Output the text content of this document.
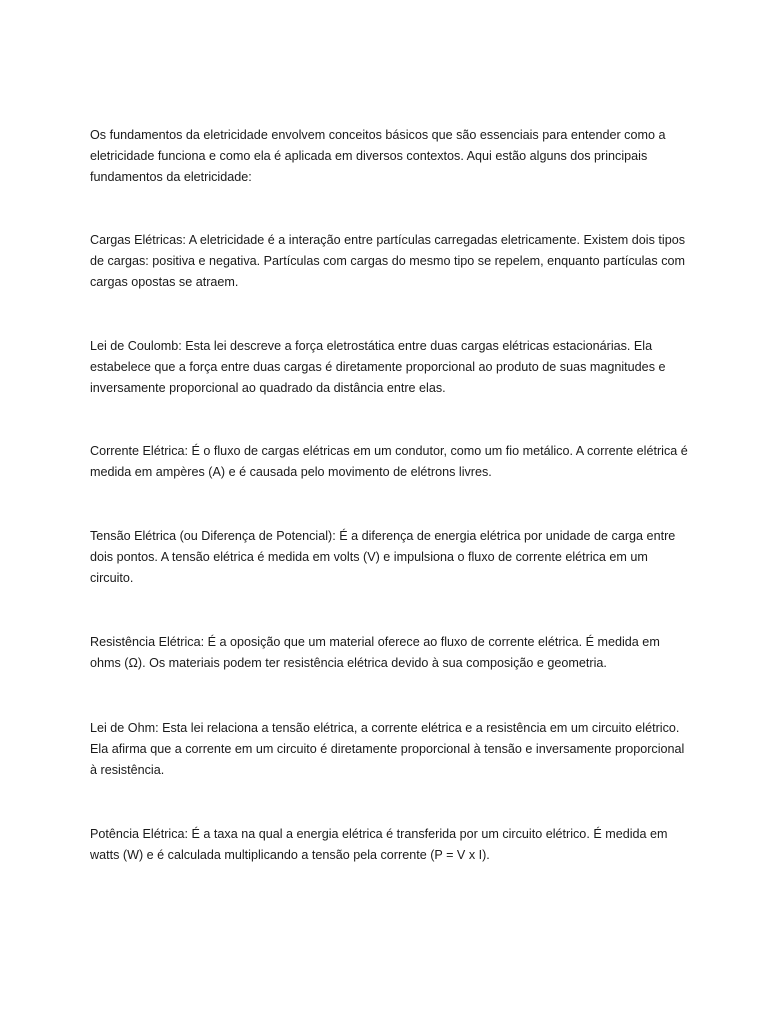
Os fundamentos da eletricidade envolvem conceitos básicos que são essenciais para entender como a eletricidade funciona e como ela é aplicada em diversos contextos. Aqui estão alguns dos principais fundamentos da eletricidade:

Cargas Elétricas: A eletricidade é a interação entre partículas carregadas eletricamente. Existem dois tipos de cargas: positiva e negativa. Partículas com cargas do mesmo tipo se repelem, enquanto partículas com cargas opostas se atraem.

Lei de Coulomb: Esta lei descreve a força eletrostática entre duas cargas elétricas estacionárias. Ela estabelece que a força entre duas cargas é diretamente proporcional ao produto de suas magnitudes e inversamente proporcional ao quadrado da distância entre elas.

Corrente Elétrica: É o fluxo de cargas elétricas em um condutor, como um fio metálico. A corrente elétrica é medida em ampères (A) e é causada pelo movimento de elétrons livres.

Tensão Elétrica (ou Diferença de Potencial): É a diferença de energia elétrica por unidade de carga entre dois pontos. A tensão elétrica é medida em volts (V) e impulsiona o fluxo de corrente elétrica em um circuito.

Resistência Elétrica: É a oposição que um material oferece ao fluxo de corrente elétrica. É medida em ohms (Ω). Os materiais podem ter resistência elétrica devido à sua composição e geometria.

Lei de Ohm: Esta lei relaciona a tensão elétrica, a corrente elétrica e a resistência em um circuito elétrico. Ela afirma que a corrente em um circuito é diretamente proporcional à tensão e inversamente proporcional à resistência.

Potência Elétrica: É a taxa na qual a energia elétrica é transferida por um circuito elétrico. É medida em watts (W) e é calculada multiplicando a tensão pela corrente (P = V x I).
